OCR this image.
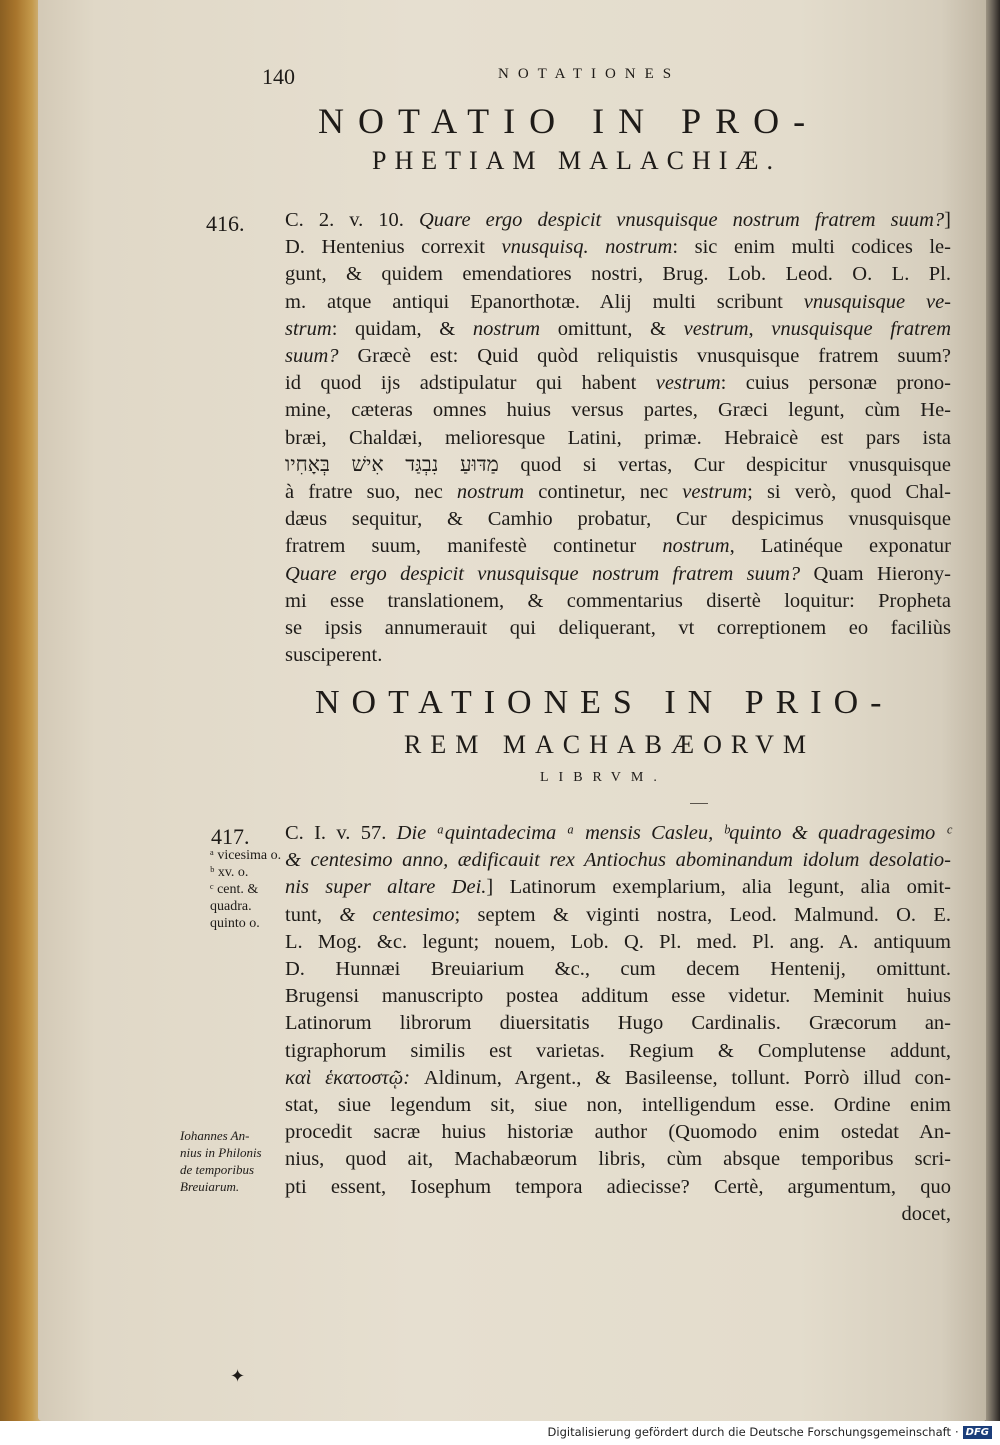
140	NOTATIONES
NOTATIO IN PRO-
PHETIAM MALACHIÆ.
416. C. 2. v. 10. Quare ergo despicit vnusquisque nostrum fratrem suum?]
D. Hentenius correxit vnusquisq. nostrum: sic enim multi codices le-
gunt, & quidem emendatiores nostri, Brug. Lob. Leod. O. L. Pl.
m. atque antiqui Epanorthotæ. Alij multi scribunt vnusquisque ve-
strum: quidam, & nostrum omittunt, & vestrum, vnusquisque fratrem
suum? Græcè est: Quid quòd reliquistis vnusquisque fratrem suum?
id quod ijs adstipulatur qui habent vestrum: cuius personæ prono-
mine, cæteras omnes huius versus partes, Græci legunt, cùm He-
bræi, Chaldæi, melioresque Latini, primæ. Hebraicè est pars ista
מַדּוּעַ נִבְגַּד אִישׁ בְּאָחִיו quod si vertas, Cur despicitur vnusquisque
à fratre suo, nec nostrum continetur, nec vestrum; si verò, quod Chal-
dæus sequitur, & Camhio probatur, Cur despicimus vnusquisque
fratrem suum, manifestè continetur nostrum, Latinéque exponatur
Quare ergo despicit vnusquisque nostrum fratrem suum? Quam Hierony-
mi esse translationem, & commentarius disertè loquitur: Propheta
se ipsis annumerauit qui deliquerant, vt correptionem eo faciliùs
susciperent.
NOTATIONES IN PRIO-
REM MACHABÆORVM
LIBRVM.
417.
ᵃ vicesima o.
ᵇ xv. o.
ᶜ cent. &
quadra.
quinto o.
Iohannes An-
nius in Philonis
de temporibus
Breuiarum.
C. I. v. 57. Die ᵃquintadecima ᵃ mensis Casleu, ᵇquinto & quadragesimo ᶜ
& centesimo anno, ædificauit rex Antiochus abominandum idolum desolatio-
nis super altare Dei.] Latinorum exemplarium, alia legunt, alia omit-
tunt, & centesimo; septem & viginti nostra, Leod. Malmund. O. E.
L. Mog. &c. legunt; nouem, Lob. Q. Pl. med. Pl. ang. A. antiquum
D. Hunnæi Breuiarium &c., cum decem Hentenij, omittunt.
Brugensi manuscripto postea additum esse videtur. Meminit huius
Latinorum librorum diuersitatis Hugo Cardinalis. Græcorum an-
tigraphorum similis est varietas. Regium & Complutense addunt,
καὶ ἑκατοστῷ: Aldinum, Argent., & Basileense, tollunt. Porrò illud con-
stat, siue legendum sit, siue non, intelligendum esse. Ordine enim
procedit sacræ huius historiæ author (Quomodo enim ostedat An-
nius, quod ait, Machabæorum libris, cùm absque temporibus scri-
pti essent, Iosephum tempora adiecisse? Certè, argumentum, quo
docet,
✦
Digitalisierung gefördert durch die Deutsche Forschungsgemeinschaft · DFG
